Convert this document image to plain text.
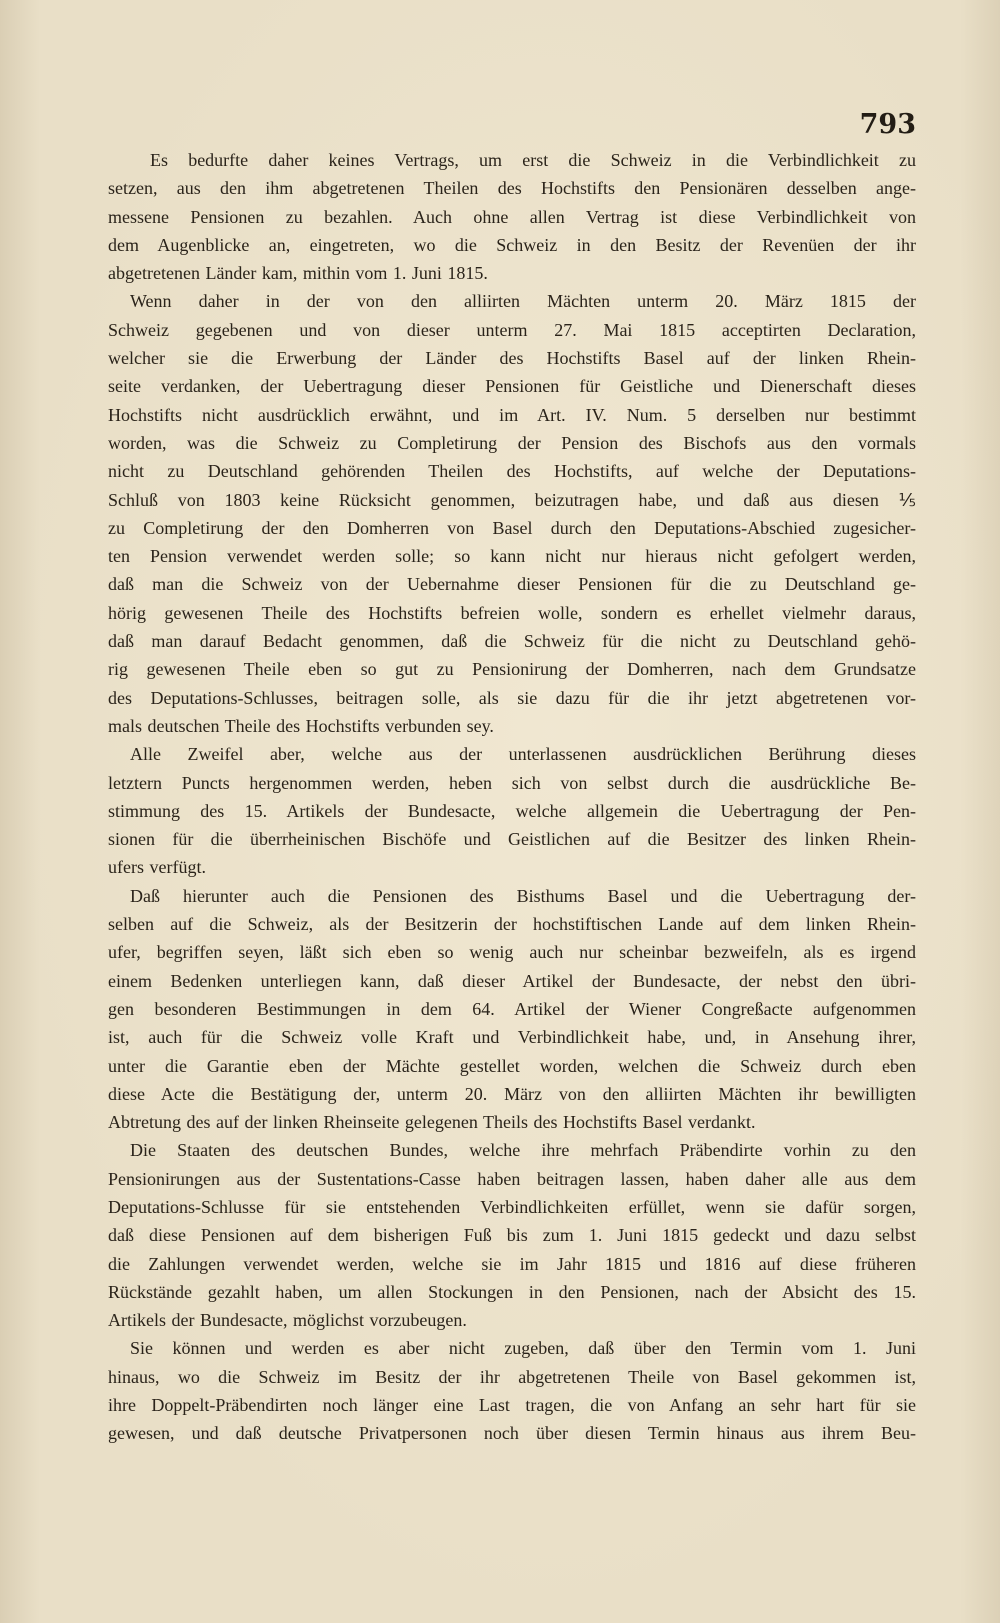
793
Es bedurfte daher keines Vertrags, um erst die Schweiz in die Verbindlichkeit zu
setzen, aus den ihm abgetretenen Theilen des Hochstifts den Pensionären desselben ange-
messene Pensionen zu bezahlen. Auch ohne allen Vertrag ist diese Verbindlichkeit von
dem Augenblicke an, eingetreten, wo die Schweiz in den Besitz der Revenüen der ihr
abgetretenen Länder kam, mithin vom 1. Juni 1815.
Wenn daher in der von den alliirten Mächten unterm 20. März 1815 der
Schweiz gegebenen und von dieser unterm 27. Mai 1815 acceptirten Declaration,
welcher sie die Erwerbung der Länder des Hochstifts Basel auf der linken Rhein-
seite verdanken, der Uebertragung dieser Pensionen für Geistliche und Dienerschaft dieses
Hochstifts nicht ausdrücklich erwähnt, und im Art. IV. Num. 5 derselben nur bestimmt
worden, was die Schweiz zu Completirung der Pension des Bischofs aus den vormals
nicht zu Deutschland gehörenden Theilen des Hochstifts, auf welche der Deputations-
Schluß von 1803 keine Rücksicht genommen, beizutragen habe, und daß aus diesen ⅕
zu Completirung der den Domherren von Basel durch den Deputations-Abschied zugesicher-
ten Pension verwendet werden solle; so kann nicht nur hieraus nicht gefolgert werden,
daß man die Schweiz von der Uebernahme dieser Pensionen für die zu Deutschland ge-
hörig gewesenen Theile des Hochstifts befreien wolle, sondern es erhellet vielmehr daraus,
daß man darauf Bedacht genommen, daß die Schweiz für die nicht zu Deutschland gehö-
rig gewesenen Theile eben so gut zu Pensionirung der Domherren, nach dem Grundsatze
des Deputations-Schlusses, beitragen solle, als sie dazu für die ihr jetzt abgetretenen vor-
mals deutschen Theile des Hochstifts verbunden sey.
Alle Zweifel aber, welche aus der unterlassenen ausdrücklichen Berührung dieses
letztern Puncts hergenommen werden, heben sich von selbst durch die ausdrückliche Be-
stimmung des 15. Artikels der Bundesacte, welche allgemein die Uebertragung der Pen-
sionen für die überrheinischen Bischöfe und Geistlichen auf die Besitzer des linken Rhein-
ufers verfügt.
Daß hierunter auch die Pensionen des Bisthums Basel und die Uebertragung der-
selben auf die Schweiz, als der Besitzerin der hochstiftischen Lande auf dem linken Rhein-
ufer, begriffen seyen, läßt sich eben so wenig auch nur scheinbar bezweifeln, als es irgend
einem Bedenken unterliegen kann, daß dieser Artikel der Bundesacte, der nebst den übri-
gen besonderen Bestimmungen in dem 64. Artikel der Wiener Congreßacte aufgenommen
ist, auch für die Schweiz volle Kraft und Verbindlichkeit habe, und, in Ansehung ihrer,
unter die Garantie eben der Mächte gestellet worden, welchen die Schweiz durch eben
diese Acte die Bestätigung der, unterm 20. März von den alliirten Mächten ihr bewilligten
Abtretung des auf der linken Rheinseite gelegenen Theils des Hochstifts Basel verdankt.
Die Staaten des deutschen Bundes, welche ihre mehrfach Präbendirte vorhin zu den
Pensionirungen aus der Sustentations-Casse haben beitragen lassen, haben daher alle aus dem
Deputations-Schlusse für sie entstehenden Verbindlichkeiten erfüllet, wenn sie dafür sorgen,
daß diese Pensionen auf dem bisherigen Fuß bis zum 1. Juni 1815 gedeckt und dazu selbst
die Zahlungen verwendet werden, welche sie im Jahr 1815 und 1816 auf diese früheren
Rückstände gezahlt haben, um allen Stockungen in den Pensionen, nach der Absicht des 15.
Artikels der Bundesacte, möglichst vorzubeugen.
Sie können und werden es aber nicht zugeben, daß über den Termin vom 1. Juni
hinaus, wo die Schweiz im Besitz der ihr abgetretenen Theile von Basel gekommen ist,
ihre Doppelt-Präbendirten noch länger eine Last tragen, die von Anfang an sehr hart für sie
gewesen, und daß deutsche Privatpersonen noch über diesen Termin hinaus aus ihrem Beu-
